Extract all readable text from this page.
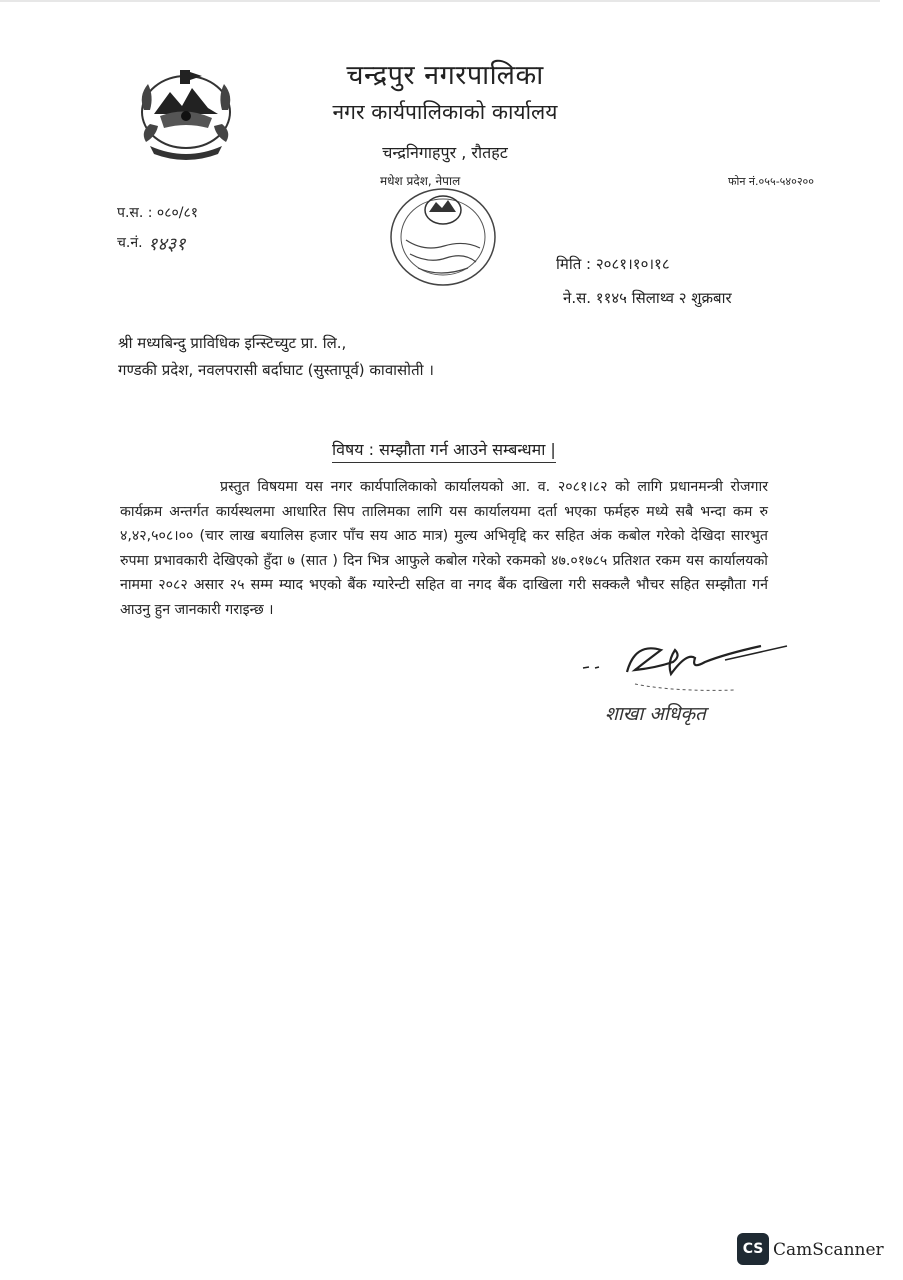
चन्द्रपुर नगरपालिका
नगर कार्यपालिकाको कार्यालय
चन्द्रनिगाहपुर , रौतहट
मधेश प्रदेश, नेपाल	फोन नं.०५५-५४०२००
प.स. : ०८०/८१
च.नं. १४३१
मिति : २०८१।१०।१८
ने.स. ११४५ सिलाथ्व २ शुक्रबार
श्री मध्यबिन्दु प्राविधिक इन्स्टिच्युट प्रा. लि.,
गण्डकी प्रदेश, नवलपरासी बर्दाघाट (सुस्तापूर्व) कावासोती ।
विषय : सम्झौता गर्न आउने सम्बन्धमा |
प्रस्तुत विषयमा यस नगर कार्यपालिकाको कार्यालयको आ. व. २०८१।८२ को लागि प्रधानमन्त्री रोजगार कार्यक्रम अन्तर्गत कार्यस्थलमा आधारित सिप तालिमका लागि यस कार्यालयमा दर्ता भएका फर्महरु मध्ये सबै भन्दा कम रु ४,४२,५०८।०० (चार लाख बयालिस हजार पाँच सय आठ मात्र) मुल्य अभिवृद्दि कर सहित अंक कबोल गरेको देखिदा सारभुत रुपमा प्रभावकारी देखिएको हुँदा ७ (सात ) दिन भित्र आफुले कबोल गरेको रकमको ४७.०१७८५ प्रतिशत रकम यस कार्यालयको नाममा २०८२ असार २५ सम्म म्याद भएको बैंक ग्यारेन्टी सहित वा नगद बैंक दाखिला गरी सक्कलै भौचर सहित सम्झौता गर्न आउनु हुन जानकारी गराइन्छ ।
शाखा अधिकृत
CS CamScanner
